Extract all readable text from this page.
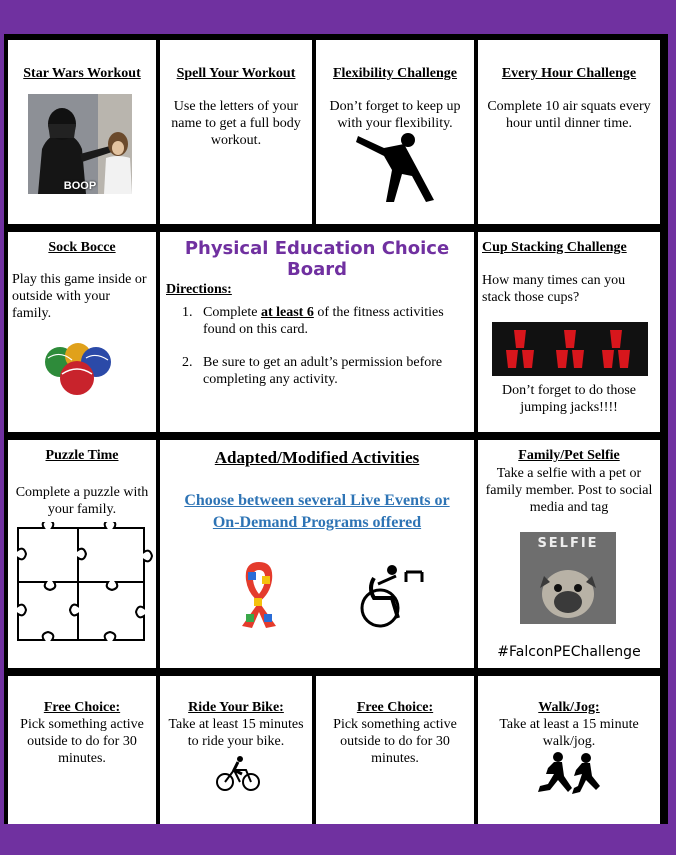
Star Wars Workout
BOOP
Spell Your Workout
Use the letters of your name to get a full body workout.
Flexibility Challenge
Don’t forget to keep up with your flexibility.
Every Hour Challenge
Complete 10 air squats every hour until dinner time.
Sock Bocce
Play this game inside or outside with your family.
Physical Education Choice Board
Directions:
1. Complete at least 6 of the fitness activities found on this card.
2. Be sure to get an adult’s permission before completing any activity.
Cup Stacking Challenge
How many times can you stack those cups?
Don’t forget to do those jumping jacks!!!!
Puzzle Time
Complete a puzzle with your family.
Adapted/Modified Activities
Choose between several Live Events or On-Demand Programs offered
Family/Pet Selfie
Take a selfie with a pet or family member. Post to social media and tag
SELFIE
#FalconPEChallenge
Free Choice:
Pick something active outside to do for 30 minutes.
Ride Your Bike:
Take at least 15 minutes to ride your bike.
Free Choice:
Pick something active outside to do for 30 minutes.
Walk/Jog:
Take at least a 15 minute walk/jog.
